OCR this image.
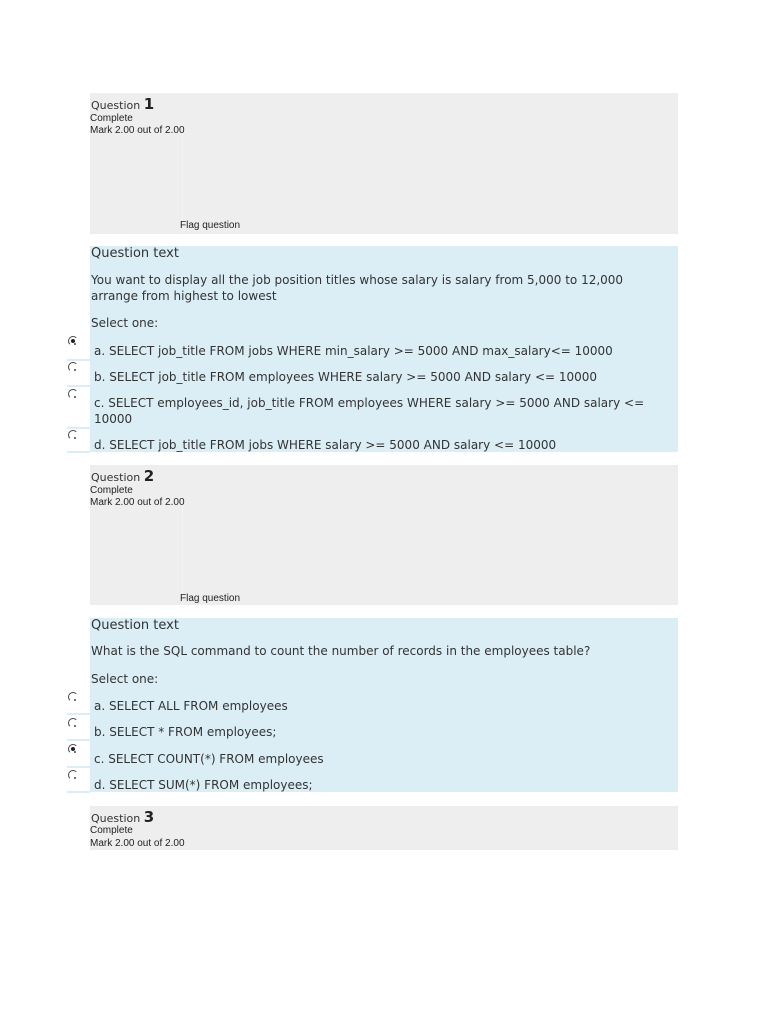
Question 1
Complete
Mark 2.00 out of 2.00
Flag question
Question text
You want to display all the job position titles whose salary is salary from 5,000 to 12,000 arrange from highest to lowest
Select one:
a. SELECT job_title FROM jobs WHERE min_salary >= 5000 AND max_salary<= 10000
b. SELECT job_title FROM employees WHERE salary >= 5000 AND salary <= 10000
c. SELECT employees_id, job_title FROM employees WHERE salary >= 5000 AND salary <= 10000
d. SELECT job_title FROM jobs WHERE salary >= 5000 AND salary <= 10000
Question 2
Complete
Mark 2.00 out of 2.00
Flag question
Question text
What is the SQL command to count the number of records in the employees table?
Select one:
a. SELECT ALL FROM employees
b. SELECT * FROM employees;
c. SELECT COUNT(*) FROM employees
d. SELECT SUM(*) FROM employees;
Question 3
Complete
Mark 2.00 out of 2.00
